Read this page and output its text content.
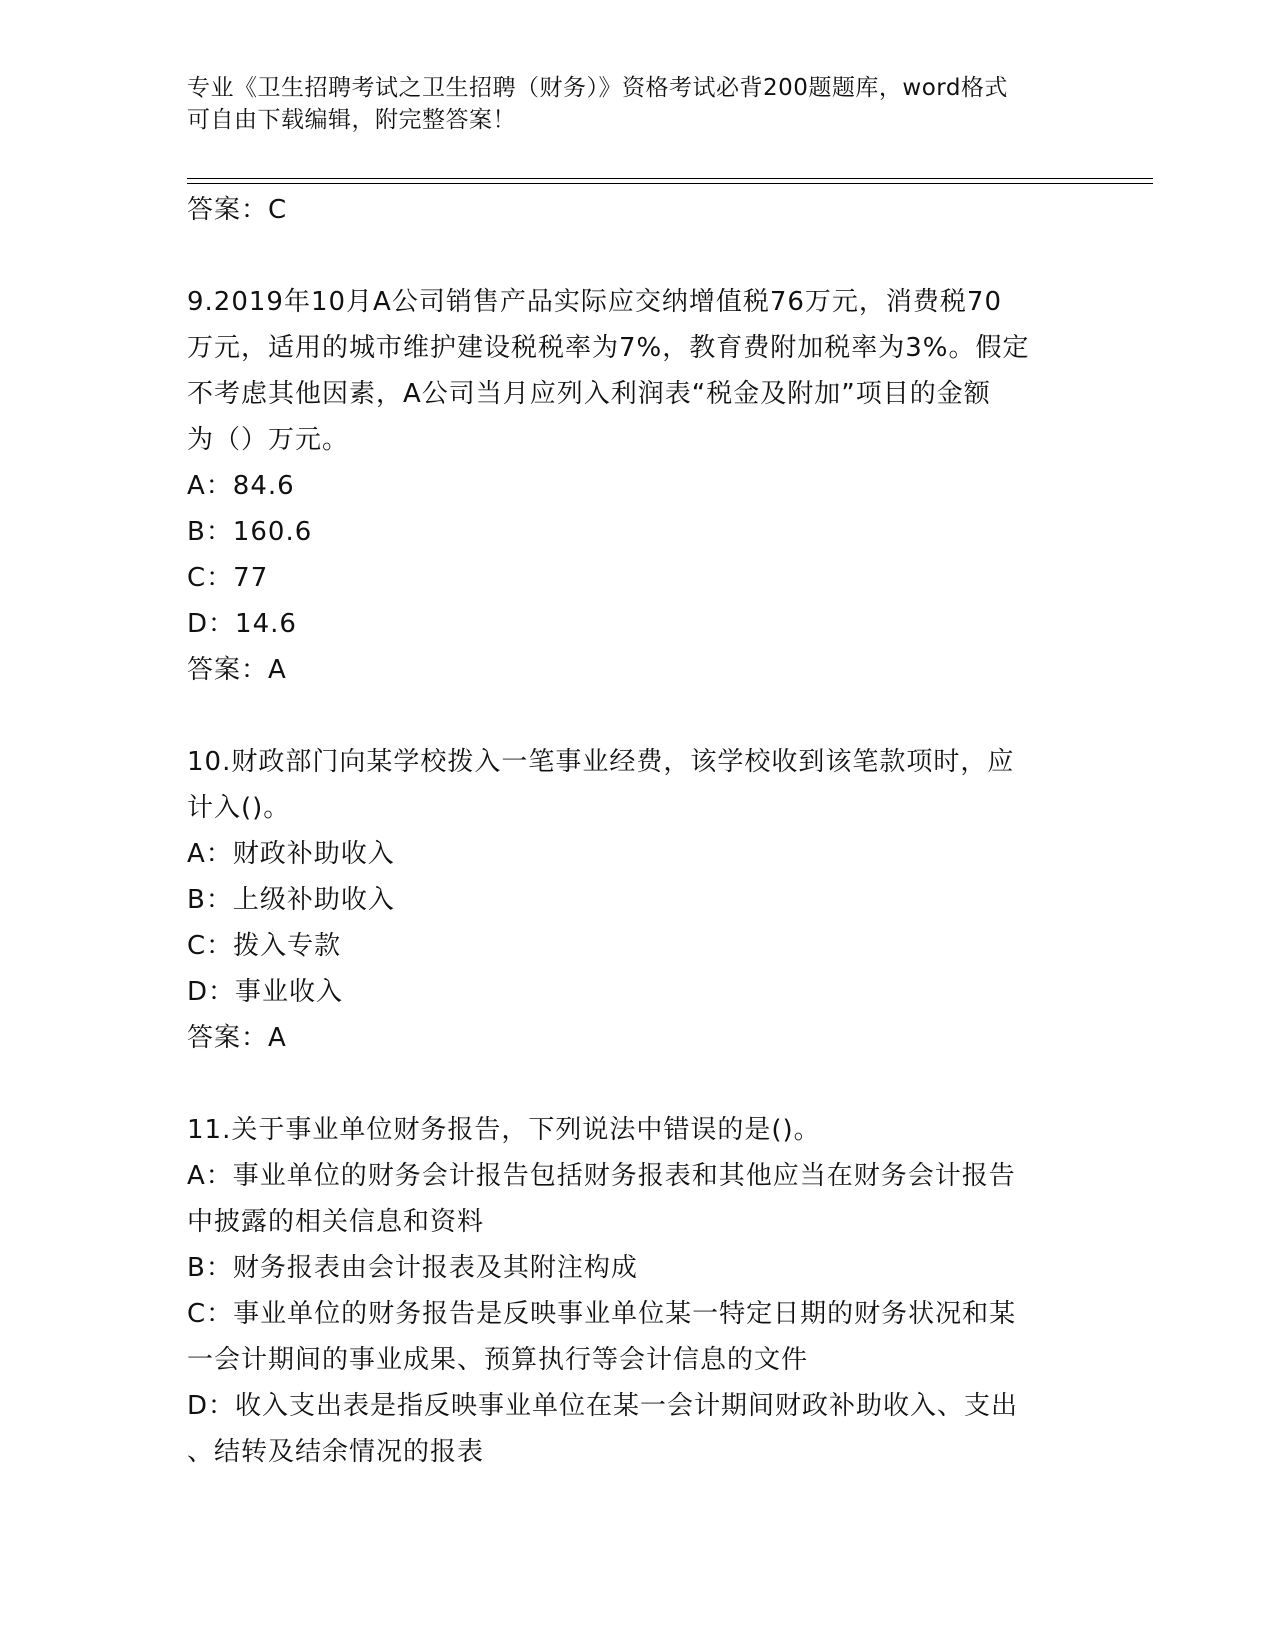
专业《卫生招聘考试之卫生招聘（财务）》资格考试必背200题题库，word格式
可自由下载编辑，附完整答案！

答案：C

9.2019年10月A公司销售产品实际应交纳增值税76万元，消费税70

万元，适用的城市维护建设税税率为7%，教育费附加税率为3%。假定

不考虑其他因素，A公司当月应列入利润表“税金及附加”项目的金额

为（）万元。

A：84.6

B：160.6

C：77

D：14.6

答案：A

10.财政部门向某学校拨入一笔事业经费，该学校收到该笔款项时，应

计入()。

A：财政补助收入

B：上级补助收入

C：拨入专款

D：事业收入

答案：A

11.关于事业单位财务报告，下列说法中错误的是()。

A：事业单位的财务会计报告包括财务报表和其他应当在财务会计报告

中披露的相关信息和资料

B：财务报表由会计报表及其附注构成

C：事业单位的财务报告是反映事业单位某一特定日期的财务状况和某

一会计期间的事业成果、预算执行等会计信息的文件

D：收入支出表是指反映事业单位在某一会计期间财政补助收入、支出

、结转及结余情况的报表
